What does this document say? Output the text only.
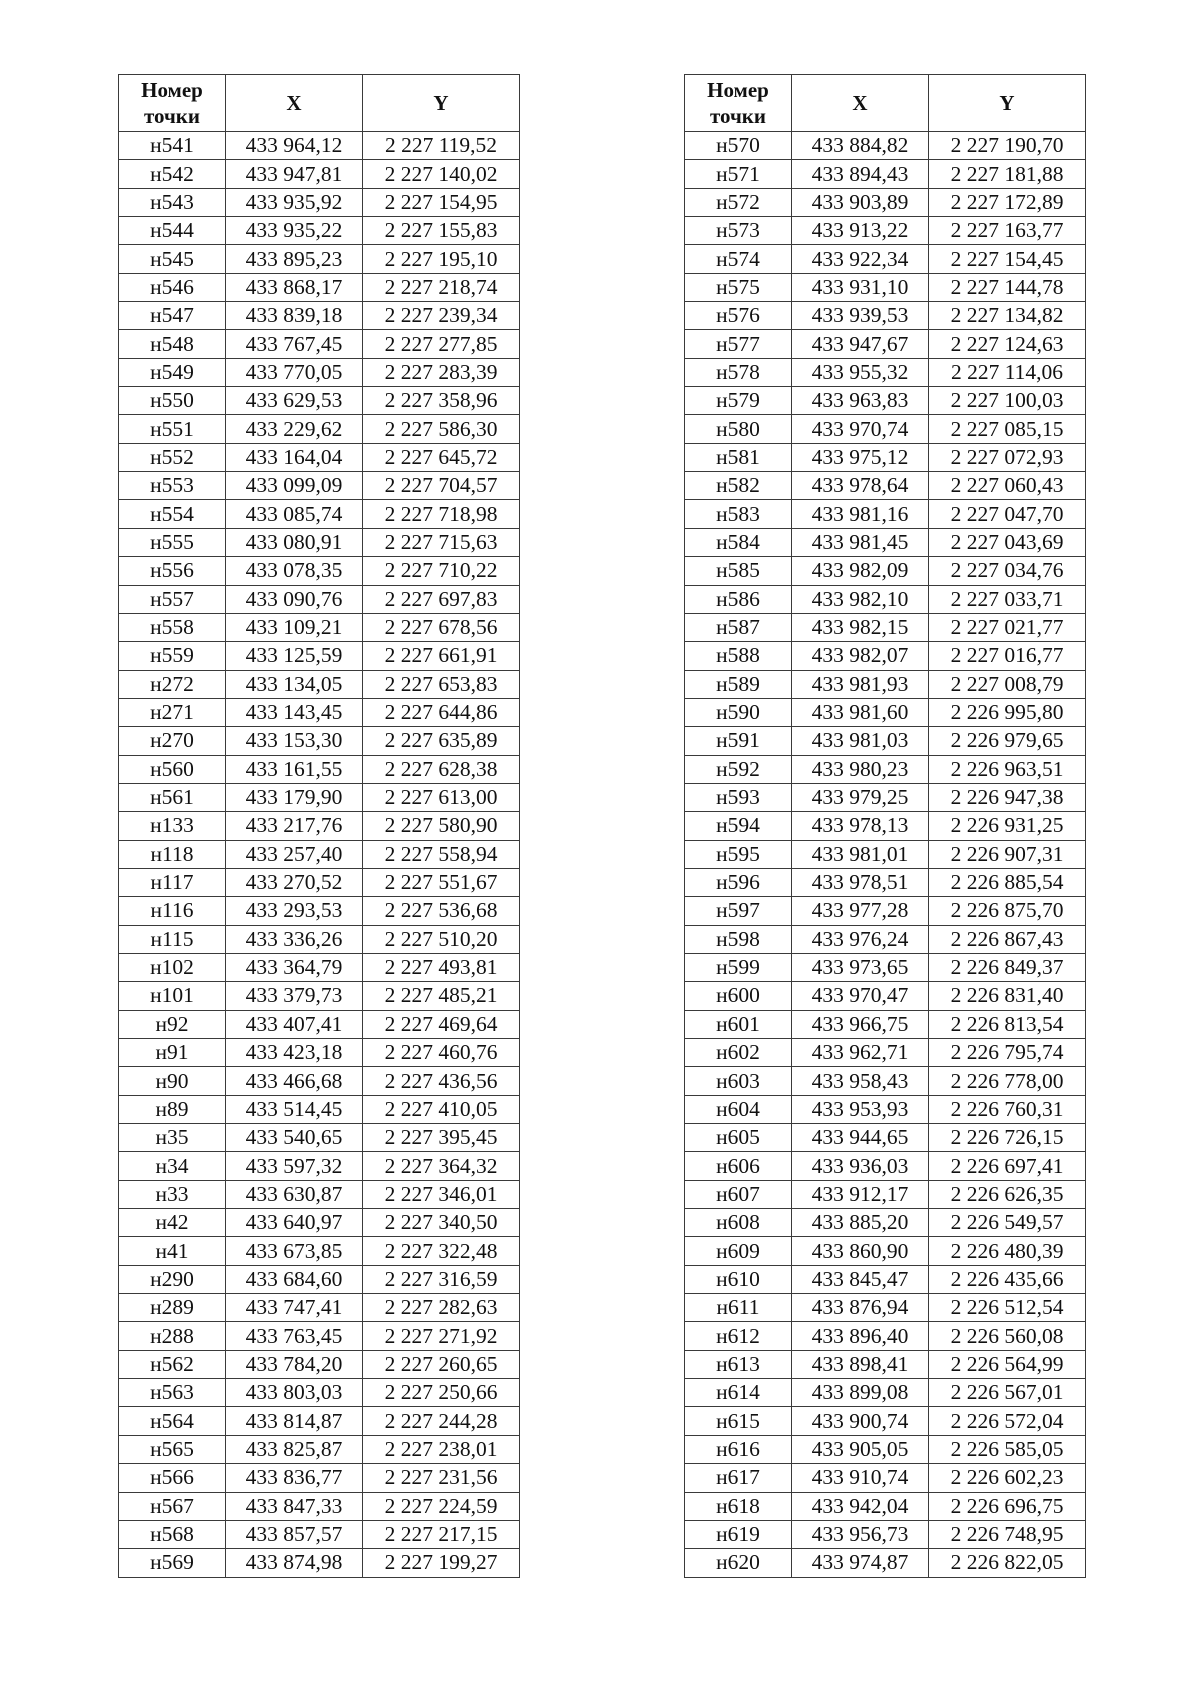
Номер
точки	X	Y
н541	433 964,12	2 227 119,52
н542	433 947,81	2 227 140,02
н543	433 935,92	2 227 154,95
н544	433 935,22	2 227 155,83
н545	433 895,23	2 227 195,10
н546	433 868,17	2 227 218,74
н547	433 839,18	2 227 239,34
н548	433 767,45	2 227 277,85
н549	433 770,05	2 227 283,39
н550	433 629,53	2 227 358,96
н551	433 229,62	2 227 586,30
н552	433 164,04	2 227 645,72
н553	433 099,09	2 227 704,57
н554	433 085,74	2 227 718,98
н555	433 080,91	2 227 715,63
н556	433 078,35	2 227 710,22
н557	433 090,76	2 227 697,83
н558	433 109,21	2 227 678,56
н559	433 125,59	2 227 661,91
н272	433 134,05	2 227 653,83
н271	433 143,45	2 227 644,86
н270	433 153,30	2 227 635,89
н560	433 161,55	2 227 628,38
н561	433 179,90	2 227 613,00
н133	433 217,76	2 227 580,90
н118	433 257,40	2 227 558,94
н117	433 270,52	2 227 551,67
н116	433 293,53	2 227 536,68
н115	433 336,26	2 227 510,20
н102	433 364,79	2 227 493,81
н101	433 379,73	2 227 485,21
н92	433 407,41	2 227 469,64
н91	433 423,18	2 227 460,76
н90	433 466,68	2 227 436,56
н89	433 514,45	2 227 410,05
н35	433 540,65	2 227 395,45
н34	433 597,32	2 227 364,32
н33	433 630,87	2 227 346,01
н42	433 640,97	2 227 340,50
н41	433 673,85	2 227 322,48
н290	433 684,60	2 227 316,59
н289	433 747,41	2 227 282,63
н288	433 763,45	2 227 271,92
н562	433 784,20	2 227 260,65
н563	433 803,03	2 227 250,66
н564	433 814,87	2 227 244,28
н565	433 825,87	2 227 238,01
н566	433 836,77	2 227 231,56
н567	433 847,33	2 227 224,59
н568	433 857,57	2 227 217,15
н569	433 874,98	2 227 199,27
Номер
точки	X	Y
н570	433 884,82	2 227 190,70
н571	433 894,43	2 227 181,88
н572	433 903,89	2 227 172,89
н573	433 913,22	2 227 163,77
н574	433 922,34	2 227 154,45
н575	433 931,10	2 227 144,78
н576	433 939,53	2 227 134,82
н577	433 947,67	2 227 124,63
н578	433 955,32	2 227 114,06
н579	433 963,83	2 227 100,03
н580	433 970,74	2 227 085,15
н581	433 975,12	2 227 072,93
н582	433 978,64	2 227 060,43
н583	433 981,16	2 227 047,70
н584	433 981,45	2 227 043,69
н585	433 982,09	2 227 034,76
н586	433 982,10	2 227 033,71
н587	433 982,15	2 227 021,77
н588	433 982,07	2 227 016,77
н589	433 981,93	2 227 008,79
н590	433 981,60	2 226 995,80
н591	433 981,03	2 226 979,65
н592	433 980,23	2 226 963,51
н593	433 979,25	2 226 947,38
н594	433 978,13	2 226 931,25
н595	433 981,01	2 226 907,31
н596	433 978,51	2 226 885,54
н597	433 977,28	2 226 875,70
н598	433 976,24	2 226 867,43
н599	433 973,65	2 226 849,37
н600	433 970,47	2 226 831,40
н601	433 966,75	2 226 813,54
н602	433 962,71	2 226 795,74
н603	433 958,43	2 226 778,00
н604	433 953,93	2 226 760,31
н605	433 944,65	2 226 726,15
н606	433 936,03	2 226 697,41
н607	433 912,17	2 226 626,35
н608	433 885,20	2 226 549,57
н609	433 860,90	2 226 480,39
н610	433 845,47	2 226 435,66
н611	433 876,94	2 226 512,54
н612	433 896,40	2 226 560,08
н613	433 898,41	2 226 564,99
н614	433 899,08	2 226 567,01
н615	433 900,74	2 226 572,04
н616	433 905,05	2 226 585,05
н617	433 910,74	2 226 602,23
н618	433 942,04	2 226 696,75
н619	433 956,73	2 226 748,95
н620	433 974,87	2 226 822,05
